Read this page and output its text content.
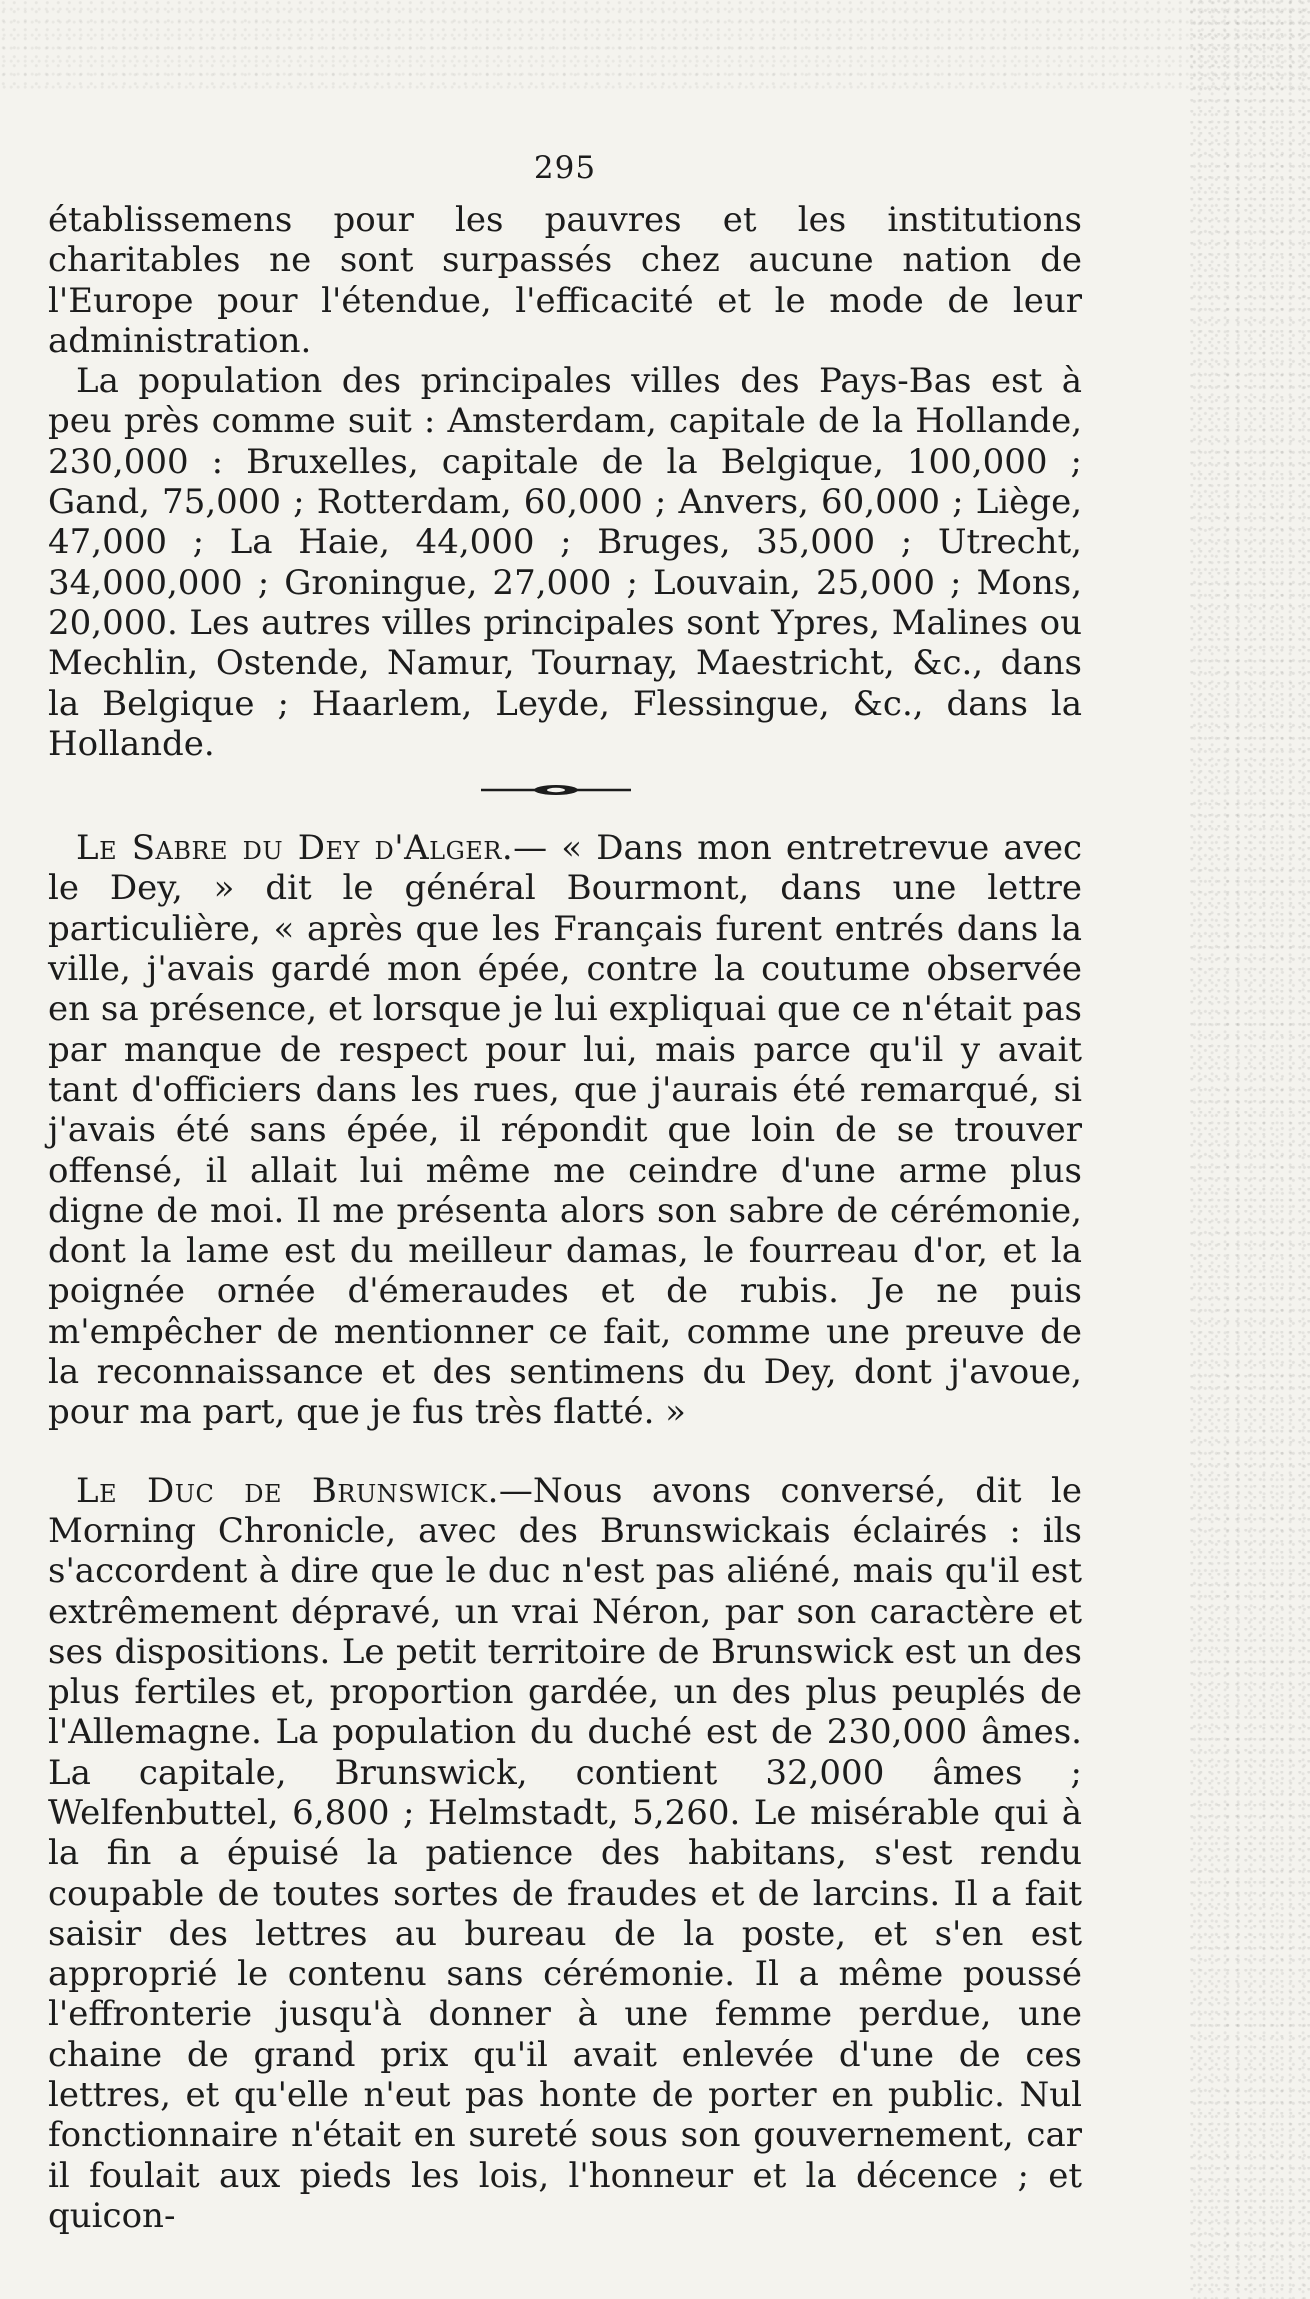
295

établissemens pour les pauvres et les institutions charitables ne sont surpassés chez aucune nation de l'Europe pour l'étendue, l'efficacité et le mode de leur administration.

La population des principales villes des Pays-Bas est à peu près comme suit : Amsterdam, capitale de la Hollande, 230,000 : Bruxelles, capitale de la Belgique, 100,000 ; Gand, 75,000 ; Rotterdam, 60,000 ; Anvers, 60,000 ; Liège, 47,000 ; La Haie, 44,000 ; Bruges, 35,000 ; Utrecht, 34,000,000 ; Groningue, 27,000 ; Louvain, 25,000 ; Mons, 20,000. Les autres villes principales sont Ypres, Malines ou Mechlin, Ostende, Namur, Tournay, Maestricht, &c., dans la Belgique ; Haarlem, Leyde, Flessingue, &c., dans la Hollande.

Le Sabre du Dey d'Alger.— « Dans mon entretrevue avec le Dey, » dit le général Bourmont, dans une lettre particulière, « après que les Français furent entrés dans la ville, j'avais gardé mon épée, contre la coutume observée en sa présence, et lorsque je lui expliquai que ce n'était pas par manque de respect pour lui, mais parce qu'il y avait tant d'officiers dans les rues, que j'aurais été remarqué, si j'avais été sans épée, il répondit que loin de se trouver offensé, il allait lui même me ceindre d'une arme plus digne de moi. Il me présenta alors son sabre de cérémonie, dont la lame est du meilleur damas, le fourreau d'or, et la poignée ornée d'émeraudes et de rubis. Je ne puis m'empêcher de mentionner ce fait, comme une preuve de la reconnaissance et des sentimens du Dey, dont j'avoue, pour ma part, que je fus très flatté. »

Le Duc de Brunswick.—Nous avons conversé, dit le Morning Chronicle, avec des Brunswickais éclairés : ils s'accordent à dire que le duc n'est pas aliéné, mais qu'il est extrêmement dépravé, un vrai Néron, par son caractère et ses dispositions. Le petit territoire de Brunswick est un des plus fertiles et, proportion gardée, un des plus peuplés de l'Allemagne. La population du duché est de 230,000 âmes. La capitale, Brunswick, contient 32,000 âmes ; Welfenbuttel, 6,800 ; Helmstadt, 5,260. Le misérable qui à la fin a épuisé la patience des habitans, s'est rendu coupable de toutes sortes de fraudes et de larcins. Il a fait saisir des lettres au bureau de la poste, et s'en est approprié le contenu sans cérémonie. Il a même poussé l'effronterie jusqu'à donner à une femme perdue, une chaine de grand prix qu'il avait enlevée d'une de ces lettres, et qu'elle n'eut pas honte de porter en public. Nul fonctionnaire n'était en sureté sous son gouvernement, car il foulait aux pieds les lois, l'honneur et la décence ; et quicon-
